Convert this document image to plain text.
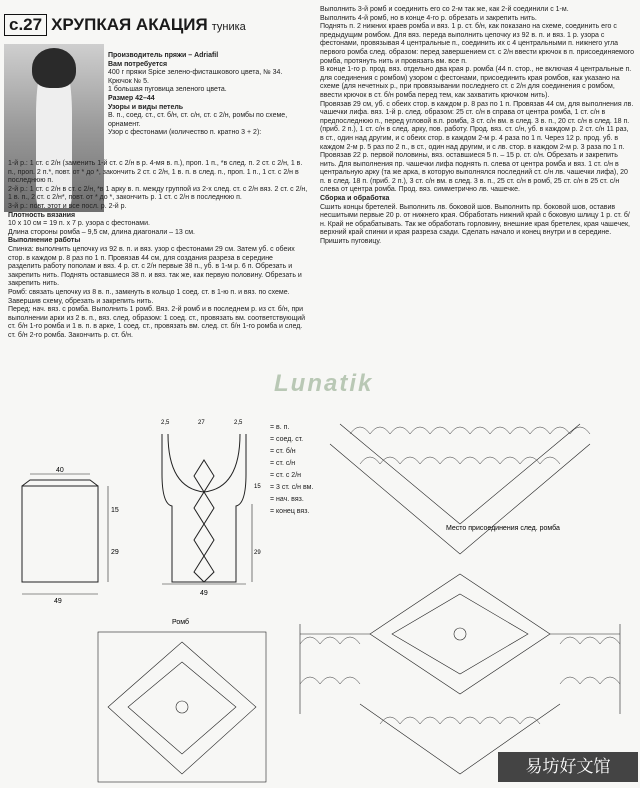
с.27 ХРУПКАЯ АКАЦИЯ туника

Производитель пряжи – Adriafil

Вам потребуется

400 г пряжи Spice зелено-фисташкового цвета, № 34.

Крючок № 5.

1 большая пуговица зеленого цвета.

Размер 42–44

Узоры и виды петель

В. п., соед. ст., ст. б/н, ст. с/н, ст. с 2/н, ромбы по схеме, орнамент.

Узор с фестонами (количество п. кратно 3 + 2):

1-й р.: 1 ст. с 2/н (заменить 1-й ст. с 2/н в р. 4-мя в. п.), проп. 1 п., *в след. п. 2 ст. с 2/н, 1 в. п., проп. 2 п.*, повт. от * до *, закончить 2 ст. с 2/н, 1 в. п. в след. п., проп. 1 п., 1 ст. с 2/н в последнюю п.

2-й р.: 1 ст. с 2/н в ст. с 2/н, *в 1 арку в. п. между группой из 2-х след. ст. с 2/н вяз. 2 ст. с 2/н, 1 в. п., 2 ст. с 2/н*, повт. от * до *, закончить р. 1 ст. с 2/н в последнюю п.

3-й р.: повт. этот и все посл. р. 2-й р.

Плотность вязания

10 х 10 см = 19 п. х 7 р. узора с фестонами.

Длина стороны ромба – 9,5 см, длина диагонали – 13 см.

Выполнение работы

Спинка: выполнить цепочку из 92 в. п. и вяз. узор с фестонами 29 см. Затем уб. с обеих стор. в каждом р. 8 раз по 1 п. Провязав 44 см, для создания разреза в середине разделить работу пополам и вяз. 4 р. ст. с 2/н первые 38 п., уб. в 1-м р. 6 п. Обрезать и закрепить нить. Поднять оставшиеся 38 п. и вяз. так же, как первую половину. Обрезать и закрепить нить.

Ромб: связать цепочку из 8 в. п., замкнуть в кольцо 1 соед. ст. в 1-ю п. и вяз. по схеме. Завершив схему, обрезать и закрепить нить.

Перед: нач. вяз. с ромба. Выполнить 1 ромб. Вяз. 2-й ромб и в последнем р. из ст. б/н, при выполнении арки из 2 в. п., вяз. след. образом: 1 соед. ст., провязать вм. соответствующий ст. б/н 1-го ромба и 1 в. п. в арке, 1 соед. ст., провязать вм. след. ст. б/н 1-го ромба и след. ст. б/н 2-го ромба. Закончить р. ст. б/н.

Выполнить 3-й ромб и соединить его со 2-м так же, как 2-й соединили с 1-м.

Выполнить 4-й ромб, но в конце 4-го р. обрезать и закрепить нить.

Поднять п. 2 нижних краев ромба и вяз. 1 р. ст. б/н, как показано на схеме, соединить его с предыдущим ромбом. Для вяз. переда выполнить цепочку из 92 в. п. и вяз. 1 р. узора с фестонами, провязывая 4 центральные п., соединить их с 4 центральными п. нижнего угла первого ромба след. образом: перед завершением ст. с 2/н ввести крючок в п. присоединяемого ромба, протянуть нить и провязать вм. все п.

В конце 1-го р. прод. вяз. отдельно два края р. ромба (44 п. стор., не включая 4 центральные п. для соединения с ромбом) узором с фестонами, присоединить края ромбов, как указано на схеме (для нечетных р., при провязывании последнего ст. с 2/н для соединения с ромбом, ввести крючок в ст. б/н ромба перед тем, как захватить крючком нить).

Провязав 29 см, уб. с обеих стор. в каждом р. 8 раз по 1 п. Провязав 44 см, для выполнения лв. чашечки лифа. вяз. 1-й р. след. образом: 25 ст. с/н в справа от центра ромба, 1 ст. с/н в предпоследнюю п., перед угловой в.п. ромба, 3 ст. с/н вм. в след. 3 в. п., 20 ст. с/н в след. 18 п. (приб. 2 п.), 1 ст. с/н в след. арку, пов. работу. Прод. вяз. ст. с/н, уб. в каждом р. 2 ст. с/н 11 раз, в ст., один над другим, и с обеих стор. в каждом 2-м р. 4 раза по 1 п. Через 12 р. прод. уб. в каждом 2-м р. 5 раз по 2 п., в ст., один над другим, и с лв. стор. в каждом 2-м р. 3 раза по 1 п. Провязав 22 р. первой половины, вяз. оставшиеся 5 п. – 15 р. ст. с/н. Обрезать и закрепить нить. Для выполнения пр. чашечки лифа поднять п. слева от центра ромба и вяз. 1 ст. с/н в центральную арку (та же арка, в которую выполнялся последний ст. с/н лв. чашечки лифа), 20 п. в след. 18 п. (приб. 2 п.), 3 ст. с/н вм. в след. 3 в. п., 25 ст. с/н в ромб, 25 ст. с/н в 25 ст. с/н слева от центра ромба. Прод. вяз. симметрично лв. чашечке.

Сборка и обработка

Сшить концы бретелей. Выполнить лв. боковой шов. Выполнить пр. боковой шов, оставив несшитыми первые 20 р. от нижнего края. Обработать нижний край с боковую шлицу 1 р. ст. б/н. Край не обрабатывать. Так же обработать горловину, внешние края бретелек, края чашечек, верхний край спинки и края разреза сзади. Сделать начало и конец внутри и в середине. Пришить пуговицу.

Lunatik
40
49
15
29
2,5	27	2,5
15
29
49
Место присоединения след. ромба
Ромб
= в. п.
= соед. ст.
= ст. б/н
= ст. с/н
= ст. с 2/н
= 3 ст. с/н вм.
= нач. вяз.
= конец вяз.
易坊好文馆
